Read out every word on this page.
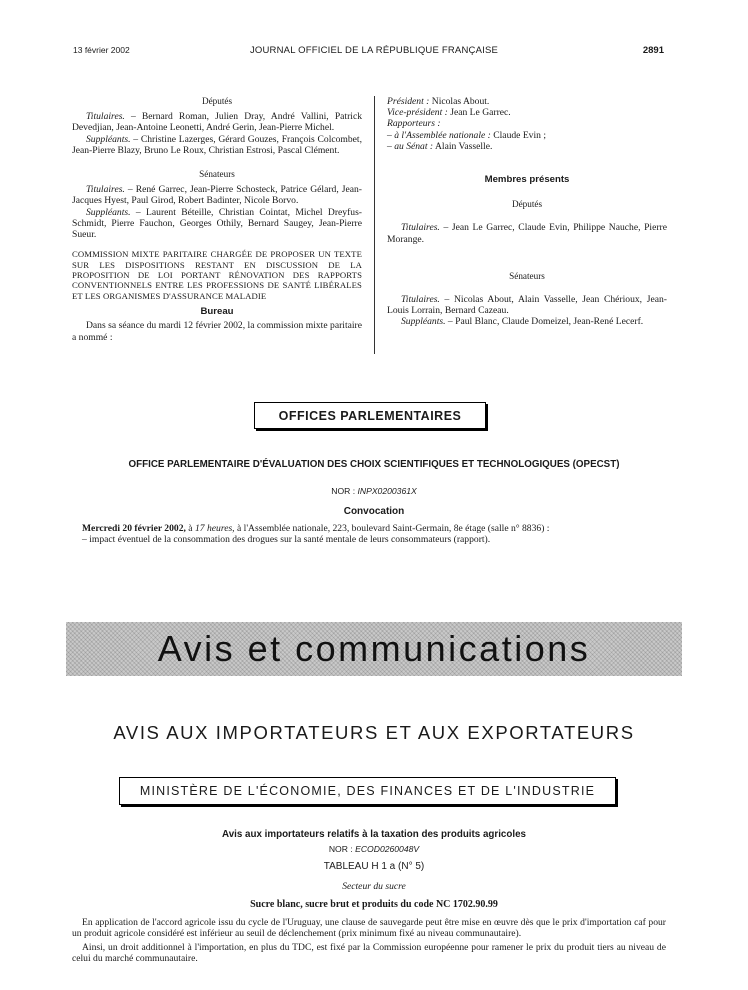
13 février 2002	JOURNAL OFFICIEL DE LA RÉPUBLIQUE FRANÇAISE	2891

Députés

Titulaires. – Bernard Roman, Julien Dray, André Vallini, Patrick Devedjian, Jean-Antoine Leonetti, André Gerin, Jean-Pierre Michel.

Suppléants. – Christine Lazerges, Gérard Gouzes, François Colcombet, Jean-Pierre Blazy, Bruno Le Roux, Christian Estrosi, Pascal Clément.

Sénateurs

Titulaires. – René Garrec, Jean-Pierre Schosteck, Patrice Gélard, Jean-Jacques Hyest, Paul Girod, Robert Badinter, Nicole Borvo.

Suppléants. – Laurent Béteille, Christian Cointat, Michel Dreyfus-Schmidt, Pierre Fauchon, Georges Othily, Bernard Saugey, Jean-Pierre Sueur.

COMMISSION MIXTE PARITAIRE CHARGÉE DE PROPOSER UN TEXTE SUR LES DISPOSITIONS RESTANT EN DISCUSSION DE LA PROPOSITION DE LOI PORTANT RÉNOVATION DES RAPPORTS CONVENTIONNELS ENTRE LES PROFESSIONS DE SANTÉ LIBÉRALES ET LES ORGANISMES D'ASSURANCE MALADIE

Bureau

Dans sa séance du mardi 12 février 2002, la commission mixte paritaire a nommé :

Président : Nicolas About.

Vice-président : Jean Le Garrec.

Rapporteurs :

– à l'Assemblée nationale : Claude Evin ;

– au Sénat : Alain Vasselle.

Membres présents

Députés

Titulaires. – Jean Le Garrec, Claude Evin, Philippe Nauche, Pierre Morange.

Sénateurs

Titulaires. – Nicolas About, Alain Vasselle, Jean Chérioux, Jean-Louis Lorrain, Bernard Cazeau.

Suppléants. – Paul Blanc, Claude Domeizel, Jean-René Lecerf.

OFFICES PARLEMENTAIRES
OFFICE PARLEMENTAIRE D'ÉVALUATION DES CHOIX SCIENTIFIQUES ET TECHNOLOGIQUES (OPECST)
NOR : INPX0200361X
Convocation
Mercredi 20 février 2002, à 17 heures, à l'Assemblée nationale, 223, boulevard Saint-Germain, 8e étage (salle n° 8836) :
– impact éventuel de la consommation des drogues sur la santé mentale de leurs consommateurs (rapport).
Avis et communications
AVIS AUX IMPORTATEURS ET AUX EXPORTATEURS
MINISTÈRE DE L'ÉCONOMIE, DES FINANCES ET DE L'INDUSTRIE
Avis aux importateurs relatifs à la taxation des produits agricoles
NOR : ECOD0260048V
TABLEAU H 1 a (N° 5)
Secteur du sucre
Sucre blanc, sucre brut et produits du code NC 1702.90.99
En application de l'accord agricole issu du cycle de l'Uruguay, une clause de sauvegarde peut être mise en œuvre dès que le prix d'importation caf pour un produit agricole considéré est inférieur au seuil de déclenchement (prix minimum fixé au niveau communautaire).
Ainsi, un droit additionnel à l'importation, en plus du TDC, est fixé par la Commission européenne pour ramener le prix du produit tiers au niveau de celui du marché communautaire.
